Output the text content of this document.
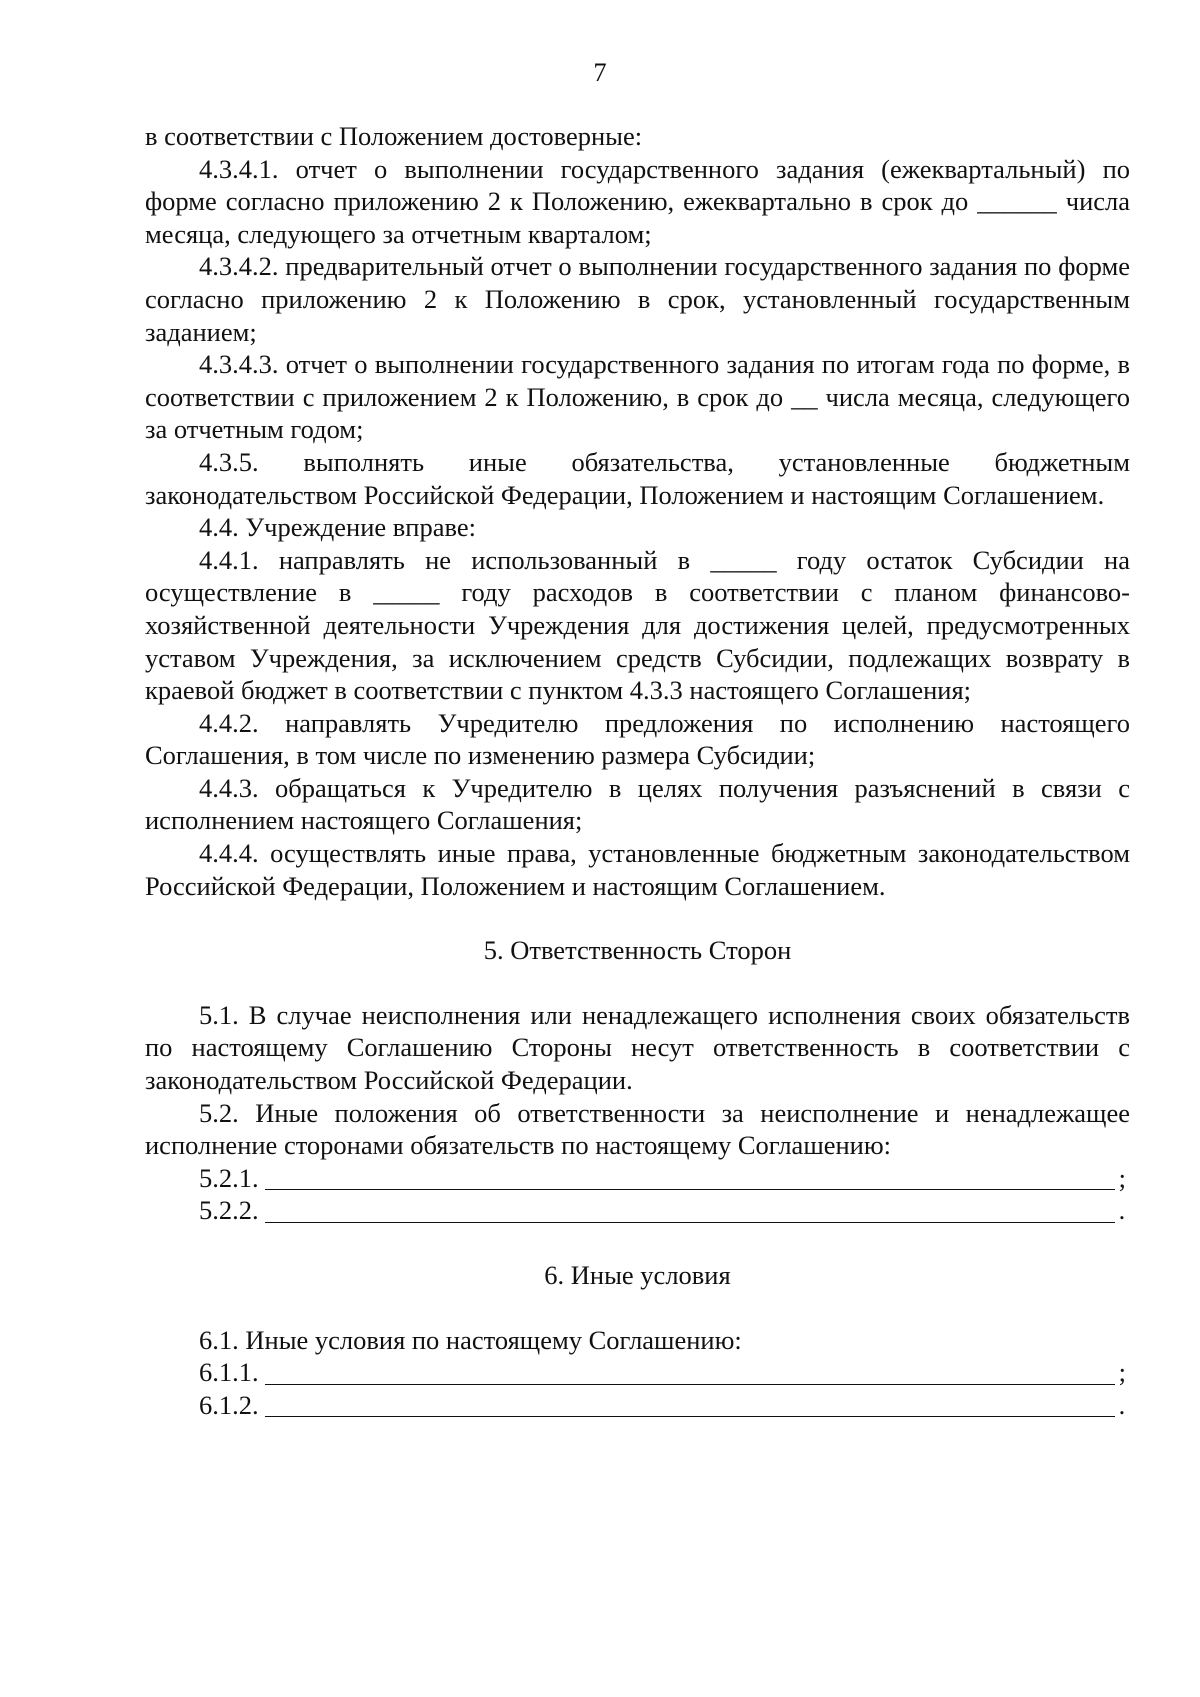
7

в соответствии с Положением достоверные:

4.3.4.1. отчет о выполнении государственного задания (ежеквартальный) по форме согласно приложению 2 к Положению, ежеквартально в срок до ______ числа месяца, следующего за отчетным кварталом;

4.3.4.2. предварительный отчет о выполнении государственного задания по форме согласно приложению 2 к Положению в срок, установленный государственным заданием;

4.3.4.3. отчет о выполнении государственного задания по итогам года по форме, в соответствии с приложением 2 к Положению, в срок до __ числа месяца, следующего за отчетным годом;

4.3.5. выполнять иные обязательства, установленные бюджетным законодательством Российской Федерации, Положением и настоящим Соглашением.

4.4. Учреждение вправе:

4.4.1. направлять не использованный в _____ году остаток Субсидии на осуществление в _____ году расходов в соответствии с планом финансово-хозяйственной деятельности Учреждения для достижения целей, предусмотренных уставом Учреждения, за исключением средств Субсидии, подлежащих возврату в краевой бюджет в соответствии с пунктом 4.3.3 настоящего Соглашения;

4.4.2. направлять Учредителю предложения по исполнению настоящего Соглашения, в том числе по изменению размера Субсидии;

4.4.3. обращаться к Учредителю в целях получения разъяснений в связи с исполнением настоящего Соглашения;

4.4.4. осуществлять иные права, установленные бюджетным законодательством Российской Федерации, Положением и настоящим Соглашением.

5. Ответственность Сторон

5.1. В случае неисполнения или ненадлежащего исполнения своих обязательств по настоящему Соглашению Стороны несут ответственность в соответствии с законодательством Российской Федерации.

5.2. Иные положения об ответственности за неисполнение и ненадлежащее исполнение сторонами обязательств по настоящему Соглашению:

5.2.1.	;
5.2.2.	.

6. Иные условия

6.1. Иные условия по настоящему Соглашению:

6.1.1.	;
6.1.2.	.
